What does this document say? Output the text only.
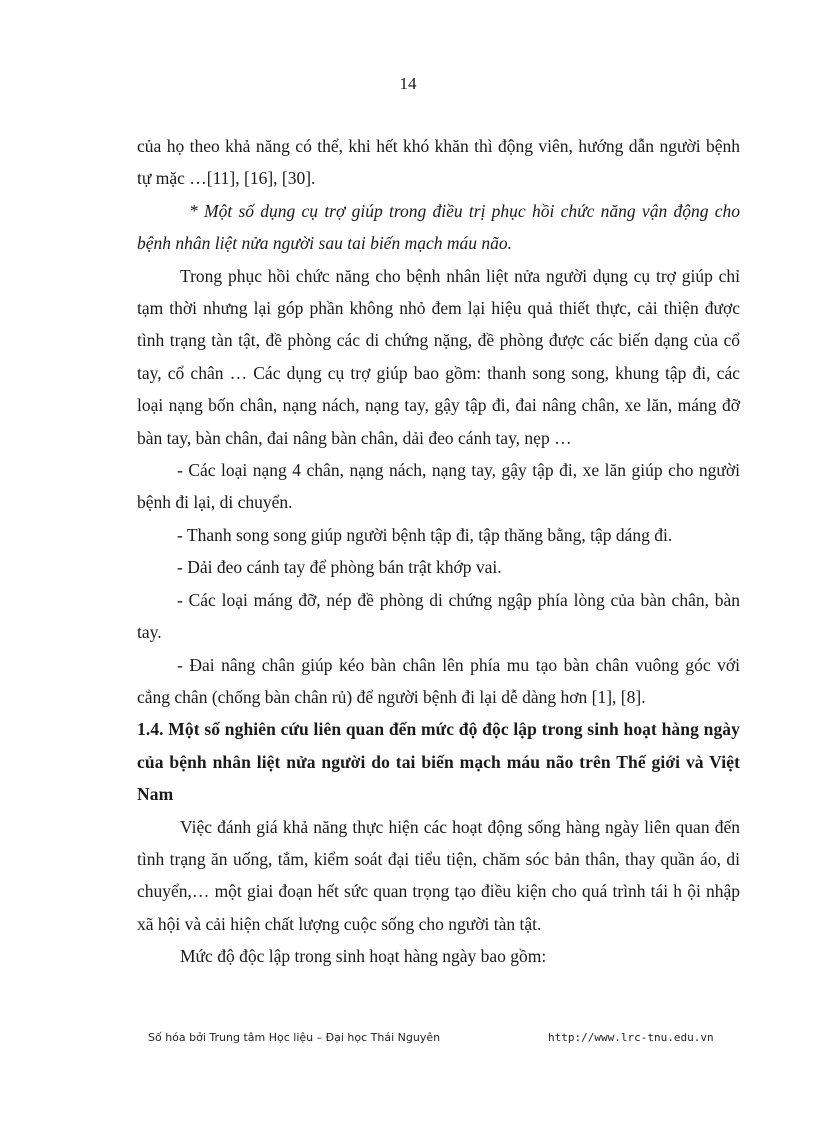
14

của họ theo khả năng có thể, khi hết khó khăn thì động viên, hướng dẫn người bệnh tự mặc …[11], [16], [30].

* Một số dụng cụ trợ giúp trong điều trị phục hồi chức năng vận động cho bệnh nhân liệt nửa người sau tai biến mạch máu não.

Trong phục hồi chức năng cho bệnh nhân liệt nửa người dụng cụ trợ giúp chỉ tạm thời nhưng lại góp phần không nhỏ đem lại hiệu quả thiết thực, cải thiện được tình trạng tàn tật, đề phòng các di chứng nặng, đề phòng được các biến dạng của cổ tay, cổ chân … Các dụng cụ trợ giúp bao gồm: thanh song song, khung tập đi, các loại nạng bốn chân, nạng nách, nạng tay, gậy tập đi, đai nâng chân, xe lăn, máng đỡ bàn tay, bàn chân, đai nâng bàn chân, dải đeo cánh tay, nẹp …

- Các loại nạng 4 chân, nạng nách, nạng tay, gậy tập đi, xe lăn giúp cho người bệnh đi lại, di chuyển.

- Thanh song song giúp người bệnh tập đi, tập thăng bằng, tập dáng đi.

- Dải đeo cánh tay để phòng bán trật khớp vai.

- Các loại máng đỡ, nép đề phòng di chứng ngập phía lòng của bàn chân, bàn tay.

- Đai nâng chân giúp kéo bàn chân lên phía mu tạo bàn chân vuông góc với cẳng chân (chống bàn chân rủ) để người bệnh đi lại dễ dàng hơn [1], [8].

1.4. Một số nghiên cứu liên quan đến mức độ độc lập trong sinh hoạt hàng ngày của bệnh nhân liệt nửa người do tai biến mạch máu não trên Thế giới và Việt Nam

Việc đánh giá khả năng thực hiện các hoạt động sống hàng ngày liên quan đến tình trạng ăn uống, tắm, kiểm soát đại tiểu tiện, chăm sóc bản thân, thay quần áo, di chuyển,… một giai đoạn hết sức quan trọng tạo điều kiện cho quá trình tái h ội nhập xã hội và cải hiện chất lượng cuộc sống cho người tàn tật.

Mức độ độc lập trong sinh hoạt hàng ngày bao gồm:

Số hóa bởi Trung tâm Học liệu – Đại học Thái Nguyên	http://www.lrc-tnu.edu.vn
